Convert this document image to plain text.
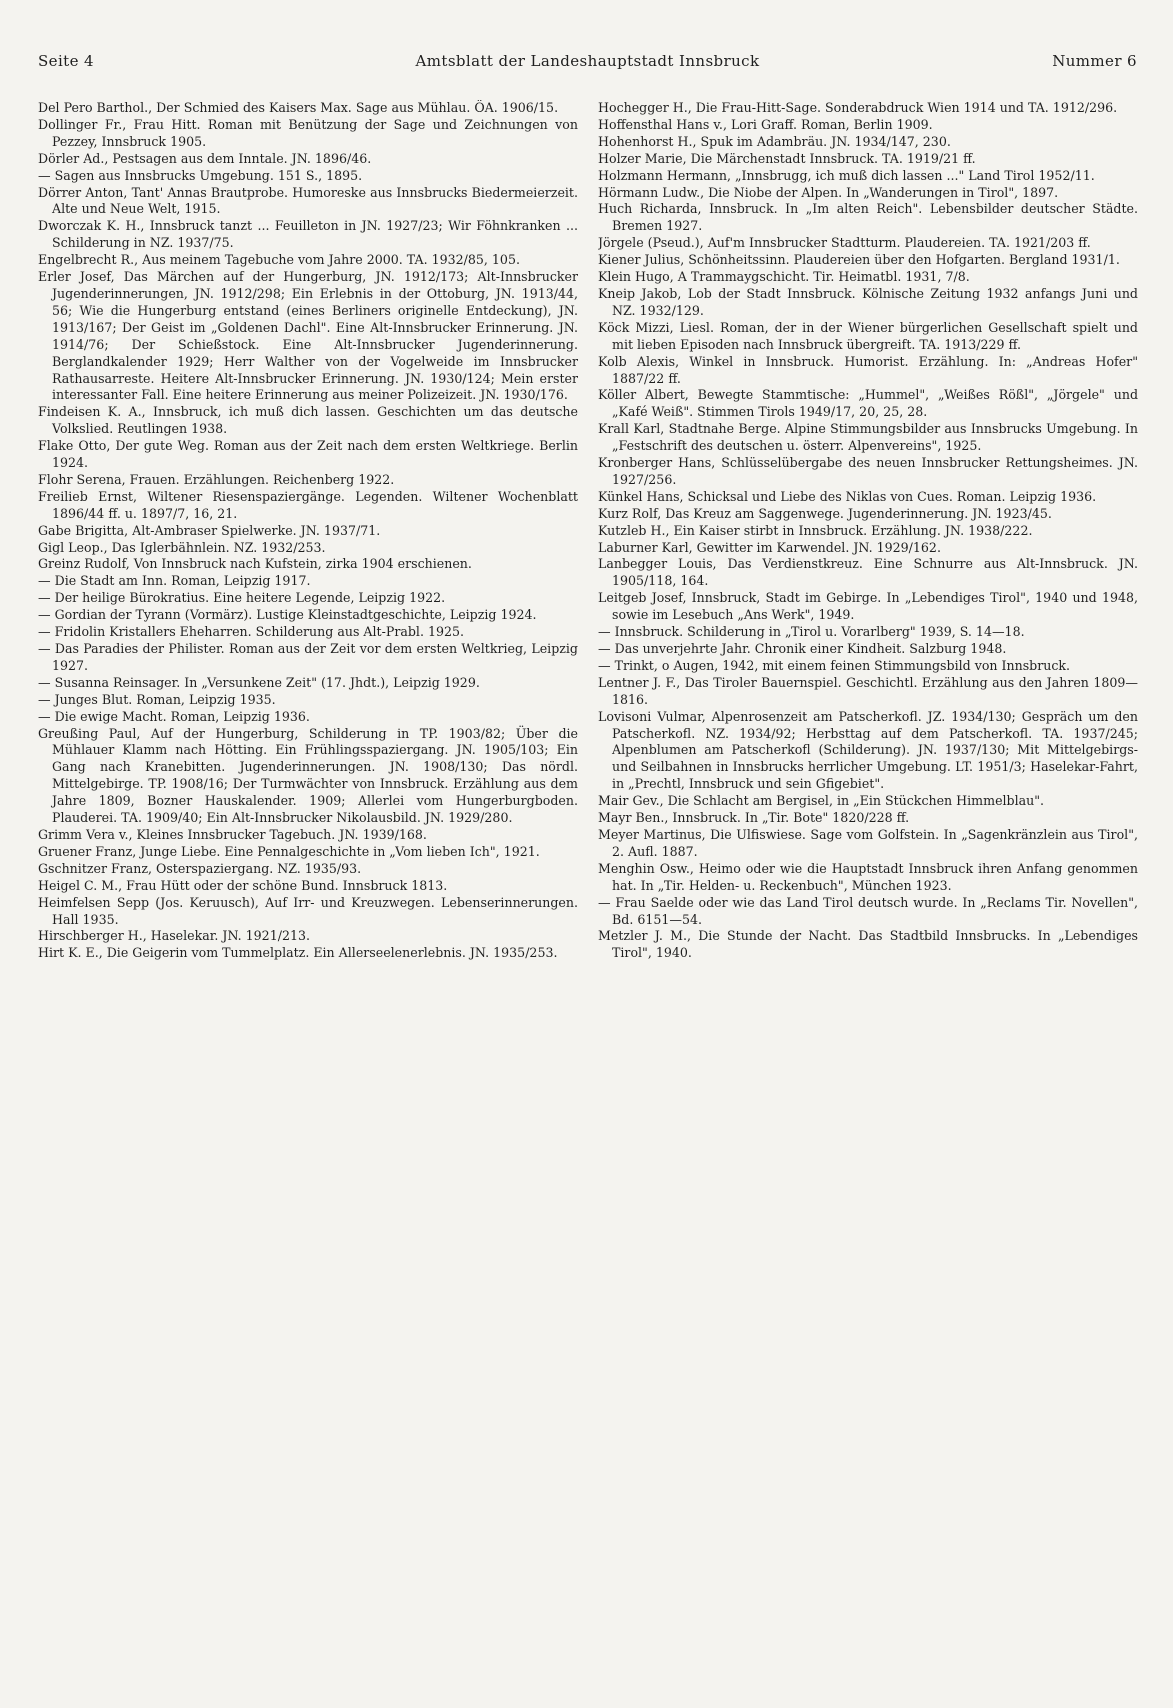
Seite 4	Amtsblatt der Landeshauptstadt Innsbruck	Nummer 6

Del Pero Barthol., Der Schmied des Kaisers Max. Sage aus Mühlau. ÖA. 1906/15.

Dollinger Fr., Frau Hitt. Roman mit Benützung der Sage und Zeichnungen von Pezzey, Innsbruck 1905.

Dörler Ad., Pestsagen aus dem Inntale. JN. 1896/46.

— Sagen aus Innsbrucks Umgebung. 151 S., 1895.

Dörrer Anton, Tant' Annas Brautprobe. Humoreske aus Innsbrucks Biedermeierzeit. Alte und Neue Welt, 1915.

Dworczak K. H., Innsbruck tanzt ... Feuilleton in JN. 1927/23; Wir Föhnkranken ... Schilderung in NZ. 1937/75.

Engelbrecht R., Aus meinem Tagebuche vom Jahre 2000. TA. 1932/85, 105.

Erler Josef, Das Märchen auf der Hungerburg, JN. 1912/173; Alt-Innsbrucker Jugenderinnerungen, JN. 1912/298; Ein Erlebnis in der Ottoburg, JN. 1913/44, 56; Wie die Hungerburg entstand (eines Berliners originelle Entdeckung), JN. 1913/167; Der Geist im „Goldenen Dachl". Eine Alt-Innsbrucker Erinnerung. JN. 1914/76; Der Schießstock. Eine Alt-Innsbrucker Jugenderinnerung. Berglandkalender 1929; Herr Walther von der Vogelweide im Innsbrucker Rathausarreste. Heitere Alt-Innsbrucker Erinnerung. JN. 1930/124; Mein erster interessanter Fall. Eine heitere Erinnerung aus meiner Polizeizeit. JN. 1930/176.

Findeisen K. A., Innsbruck, ich muß dich lassen. Geschichten um das deutsche Volkslied. Reutlingen 1938.

Flake Otto, Der gute Weg. Roman aus der Zeit nach dem ersten Weltkriege. Berlin 1924.

Flohr Serena, Frauen. Erzählungen. Reichenberg 1922.

Freilieb Ernst, Wiltener Riesenspaziergänge. Legenden. Wiltener Wochenblatt 1896/44 ff. u. 1897/7, 16, 21.

Gabe Brigitta, Alt-Ambraser Spielwerke. JN. 1937/71.

Gigl Leop., Das Iglerbähnlein. NZ. 1932/253.

Greinz Rudolf, Von Innsbruck nach Kufstein, zirka 1904 erschienen.

— Die Stadt am Inn. Roman, Leipzig 1917.

— Der heilige Bürokratius. Eine heitere Legende, Leipzig 1922.

— Gordian der Tyrann (Vormärz). Lustige Kleinstadtgeschichte, Leipzig 1924.

— Fridolin Kristallers Eheharren. Schilderung aus Alt-Prabl. 1925.

— Das Paradies der Philister. Roman aus der Zeit vor dem ersten Weltkrieg, Leipzig 1927.

— Susanna Reinsager. In „Versunkene Zeit" (17. Jhdt.), Leipzig 1929.

— Junges Blut. Roman, Leipzig 1935.

— Die ewige Macht. Roman, Leipzig 1936.

Greußing Paul, Auf der Hungerburg, Schilderung in TP. 1903/82; Über die Mühlauer Klamm nach Hötting. Ein Frühlingsspaziergang. JN. 1905/103; Ein Gang nach Kranebitten. Jugenderinnerungen. JN. 1908/130; Das nördl. Mittelgebirge. TP. 1908/16; Der Turmwächter von Innsbruck. Erzählung aus dem Jahre 1809, Bozner Hauskalender. 1909; Allerlei vom Hungerburgboden. Plauderei. TA. 1909/40; Ein Alt-Innsbrucker Nikolausbild. JN. 1929/280.

Grimm Vera v., Kleines Innsbrucker Tagebuch. JN. 1939/168.

Gruener Franz, Junge Liebe. Eine Pennalgeschichte in „Vom lieben Ich", 1921.

Gschnitzer Franz, Osterspaziergang. NZ. 1935/93.

Heigel C. M., Frau Hütt oder der schöne Bund. Innsbruck 1813.

Heimfelsen Sepp (Jos. Keruusch), Auf Irr- und Kreuzwegen. Lebenserinnerungen. Hall 1935.

Hirschberger H., Haselekar. JN. 1921/213.

Hirt K. E., Die Geigerin vom Tummelplatz. Ein Allerseelenerlebnis. JN. 1935/253.

Hochegger H., Die Frau-Hitt-Sage. Sonderabdruck Wien 1914 und TA. 1912/296.

Hoffensthal Hans v., Lori Graff. Roman, Berlin 1909.

Hohenhorst H., Spuk im Adambräu. JN. 1934/147, 230.

Holzer Marie, Die Märchenstadt Innsbruck. TA. 1919/21 ff.

Holzmann Hermann, „Innsbrugg, ich muß dich lassen ..." Land Tirol 1952/11.

Hörmann Ludw., Die Niobe der Alpen. In „Wanderungen in Tirol", 1897.

Huch Richarda, Innsbruck. In „Im alten Reich". Lebensbilder deutscher Städte. Bremen 1927.

Jörgele (Pseud.), Auf'm Innsbrucker Stadtturm. Plaudereien. TA. 1921/203 ff.

Kiener Julius, Schönheitssinn. Plaudereien über den Hofgarten. Bergland 1931/1.

Klein Hugo, A Trammaygschicht. Tir. Heimatbl. 1931, 7/8.

Kneip Jakob, Lob der Stadt Innsbruck. Kölnische Zeitung 1932 anfangs Juni und NZ. 1932/129.

Köck Mizzi, Liesl. Roman, der in der Wiener bürgerlichen Gesellschaft spielt und mit lieben Episoden nach Innsbruck übergreift. TA. 1913/229 ff.

Kolb Alexis, Winkel in Innsbruck. Humorist. Erzählung. In: „Andreas Hofer" 1887/22 ff.

Köller Albert, Bewegte Stammtische: „Hummel", „Weißes Rößl", „Jörgele" und „Kafé Weiß". Stimmen Tirols 1949/17, 20, 25, 28.

Krall Karl, Stadtnahe Berge. Alpine Stimmungsbilder aus Innsbrucks Umgebung. In „Festschrift des deutschen u. österr. Alpenvereins", 1925.

Kronberger Hans, Schlüsselübergabe des neuen Innsbrucker Rettungsheimes. JN. 1927/256.

Künkel Hans, Schicksal und Liebe des Niklas von Cues. Roman. Leipzig 1936.

Kurz Rolf, Das Kreuz am Saggenwege. Jugenderinnerung. JN. 1923/45.

Kutzleb H., Ein Kaiser stirbt in Innsbruck. Erzählung. JN. 1938/222.

Laburner Karl, Gewitter im Karwendel. JN. 1929/162.

Lanbegger Louis, Das Verdienstkreuz. Eine Schnurre aus Alt-Innsbruck. JN. 1905/118, 164.

Leitgeb Josef, Innsbruck, Stadt im Gebirge. In „Lebendiges Tirol", 1940 und 1948, sowie im Lesebuch „Ans Werk", 1949.

— Innsbruck. Schilderung in „Tirol u. Vorarlberg" 1939, S. 14—18.

— Das unverjehrte Jahr. Chronik einer Kindheit. Salzburg 1948.

— Trinkt, o Augen, 1942, mit einem feinen Stimmungsbild von Innsbruck.

Lentner J. F., Das Tiroler Bauernspiel. Geschichtl. Erzählung aus den Jahren 1809—1816.

Lovisoni Vulmar, Alpenrosenzeit am Patscherkofl. JZ. 1934/130; Gespräch um den Patscherkofl. NZ. 1934/92; Herbsttag auf dem Patscherkofl. TA. 1937/245; Alpenblumen am Patscherkofl (Schilderung). JN. 1937/130; Mit Mittelgebirgs- und Seilbahnen in Innsbrucks herrlicher Umgebung. LT. 1951/3; Haselekar-Fahrt, in „Prechtl, Innsbruck und sein Gfigebiet".

Mair Gev., Die Schlacht am Bergisel, in „Ein Stückchen Himmelblau".

Mayr Ben., Innsbruck. In „Tir. Bote" 1820/228 ff.

Meyer Martinus, Die Ulfiswiese. Sage vom Golfstein. In „Sagenkränzlein aus Tirol", 2. Aufl. 1887.

Menghin Osw., Heimo oder wie die Hauptstadt Innsbruck ihren Anfang genommen hat. In „Tir. Helden- u. Reckenbuch", München 1923.

— Frau Saelde oder wie das Land Tirol deutsch wurde. In „Reclams Tir. Novellen", Bd. 6151—54.

Metzler J. M., Die Stunde der Nacht. Das Stadtbild Innsbrucks. In „Lebendiges Tirol", 1940.
